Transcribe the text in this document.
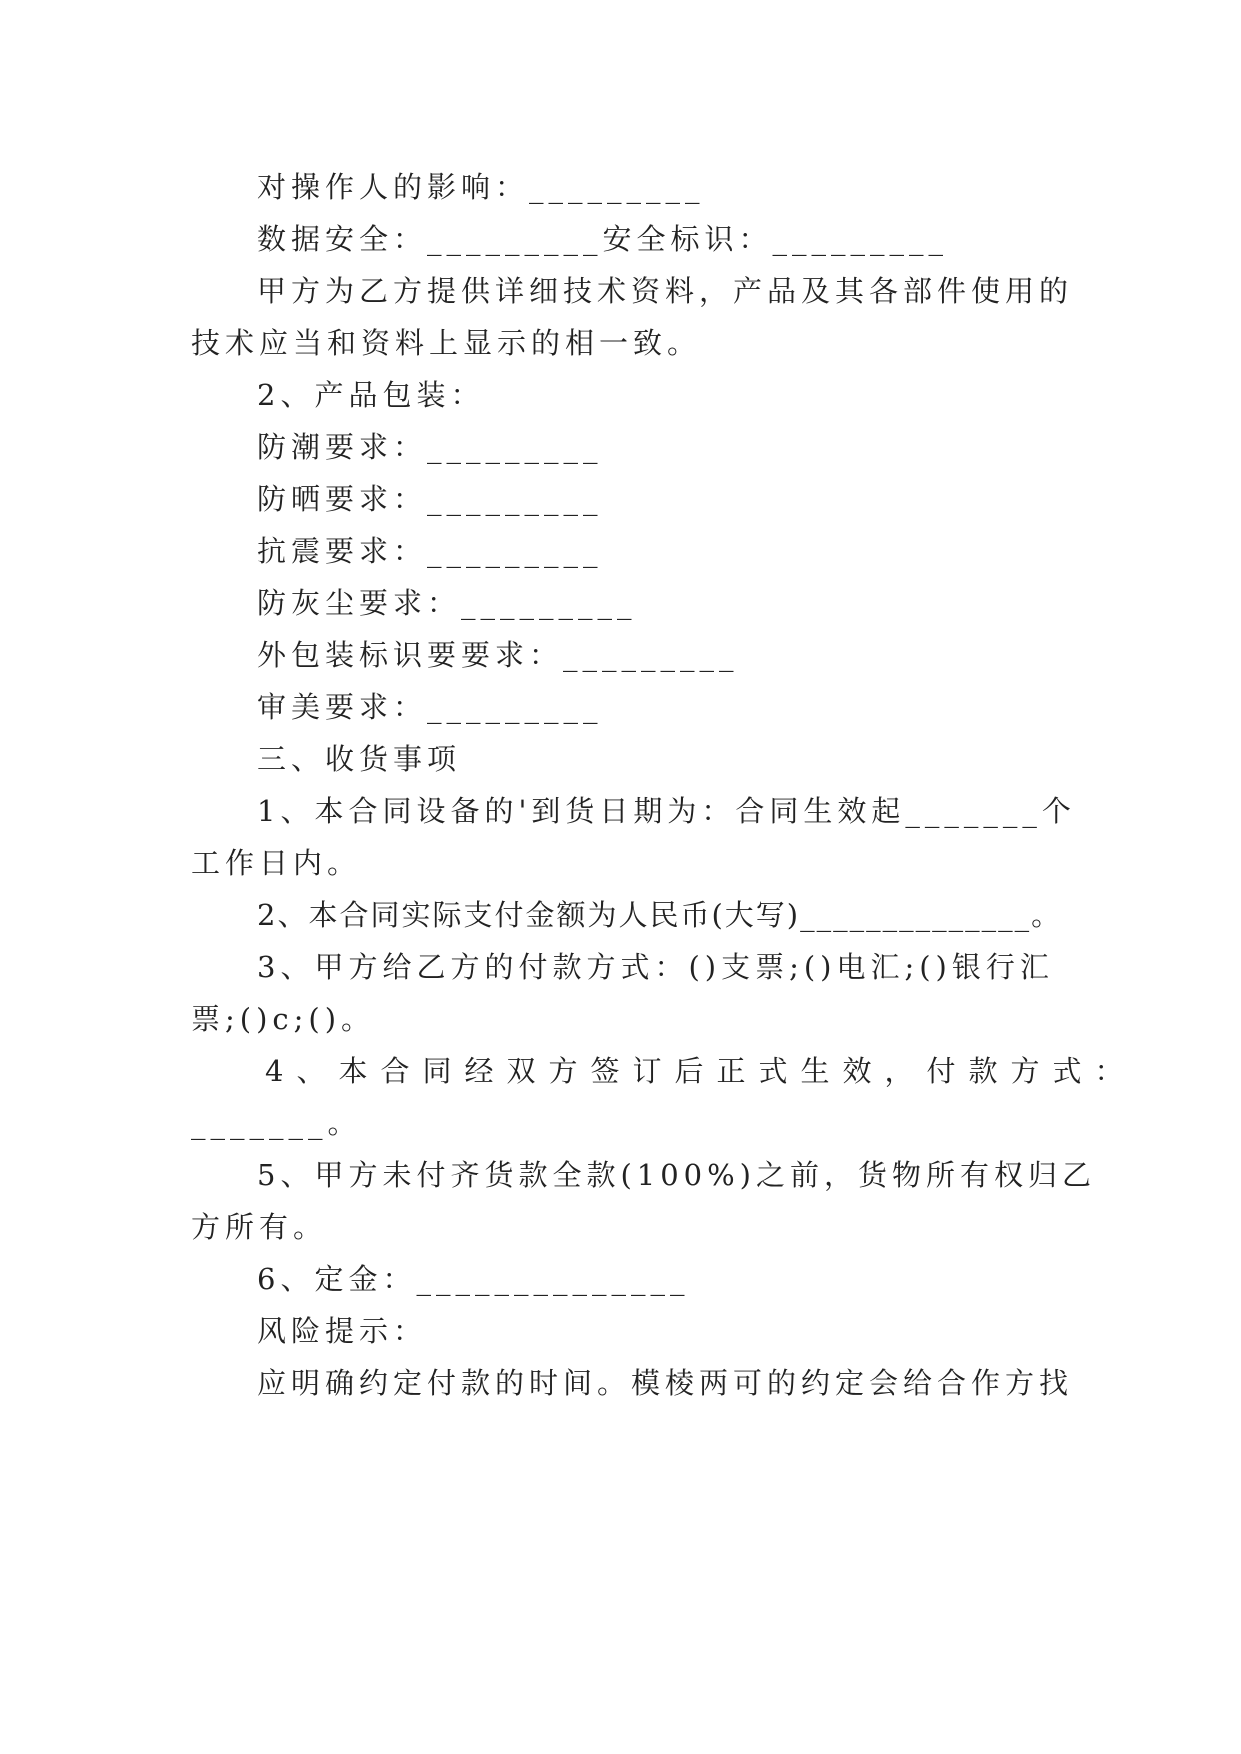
对操作人的影响：_________
数据安全：_________安全标识：_________
甲方为乙方提供详细技术资料，产品及其各部件使用的
技术应当和资料上显示的相一致。
2、产品包装：
防潮要求：_________
防晒要求：_________
抗震要求：_________
防灰尘要求：_________
外包装标识要要求：_________
审美要求：_________
三、收货事项
1、本合同设备的'到货日期为：合同生效起_______个
工作日内。
2、本合同实际支付金额为人民币(大写)______________。
3、甲方给乙方的付款方式：()支票;()电汇;()银行汇
票;()c;()。
4、本合同经双方签订后正式生效，付款方式：
_______。
5、甲方未付齐货款全款(100%)之前，货物所有权归乙
方所有。
6、定金：______________
风险提示：
应明确约定付款的时间。模棱两可的约定会给合作方找
